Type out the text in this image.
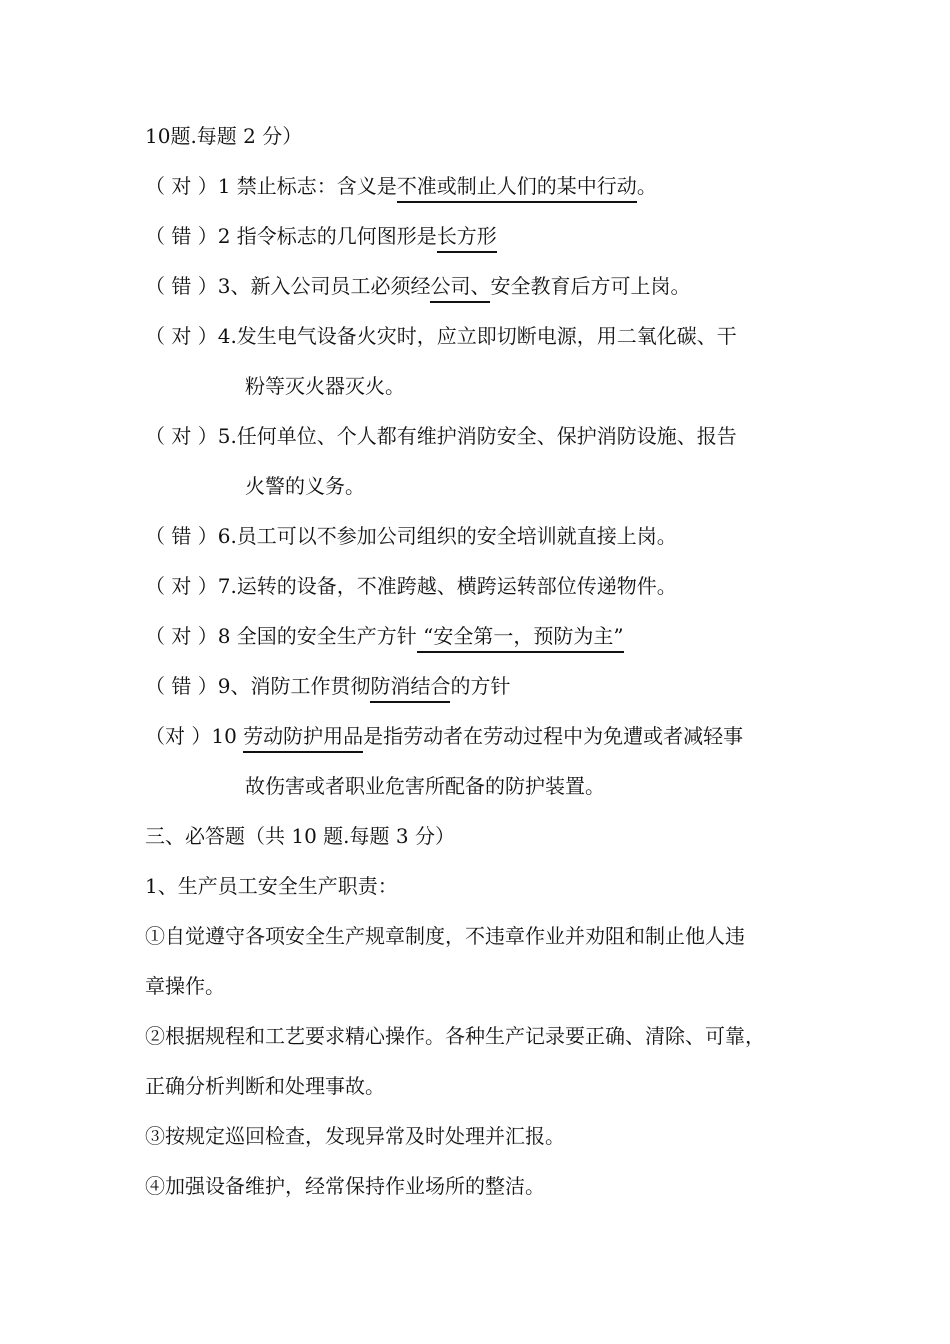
10题.每题 2 分）
（ 对 ）1 禁止标志：含义是不准或制止人们的某中行动。
（ 错 ）2 指令标志的几何图形是长方形
（ 错 ）3、新入公司员工必须经公司、安全教育后方可上岗。
（ 对 ）4.发生电气设备火灾时，应立即切断电源，用二氧化碳、干
粉等灭火器灭火。
（ 对 ）5.任何单位、个人都有维护消防安全、保护消防设施、报告
火警的义务。
（ 错 ）6.员工可以不参加公司组织的安全培训就直接上岗。
（ 对 ）7.运转的设备，不准跨越、横跨运转部位传递物件。
（ 对 ）8 全国的安全生产方针 “安全第一，预防为主”
（ 错 ）9、消防工作贯彻防消结合的方针
（对 ）10 劳动防护用品是指劳动者在劳动过程中为免遭或者减轻事
故伤害或者职业危害所配备的防护装置。
三、必答题（共 10 题.每题 3 分）
1、生产员工安全生产职责：
①自觉遵守各项安全生产规章制度，不违章作业并劝阻和制止他人违
章操作。
②根据规程和工艺要求精心操作。各种生产记录要正确、清除、可靠，
正确分析判断和处理事故。
③按规定巡回检查，发现异常及时处理并汇报。
④加强设备维护，经常保持作业场所的整洁。
